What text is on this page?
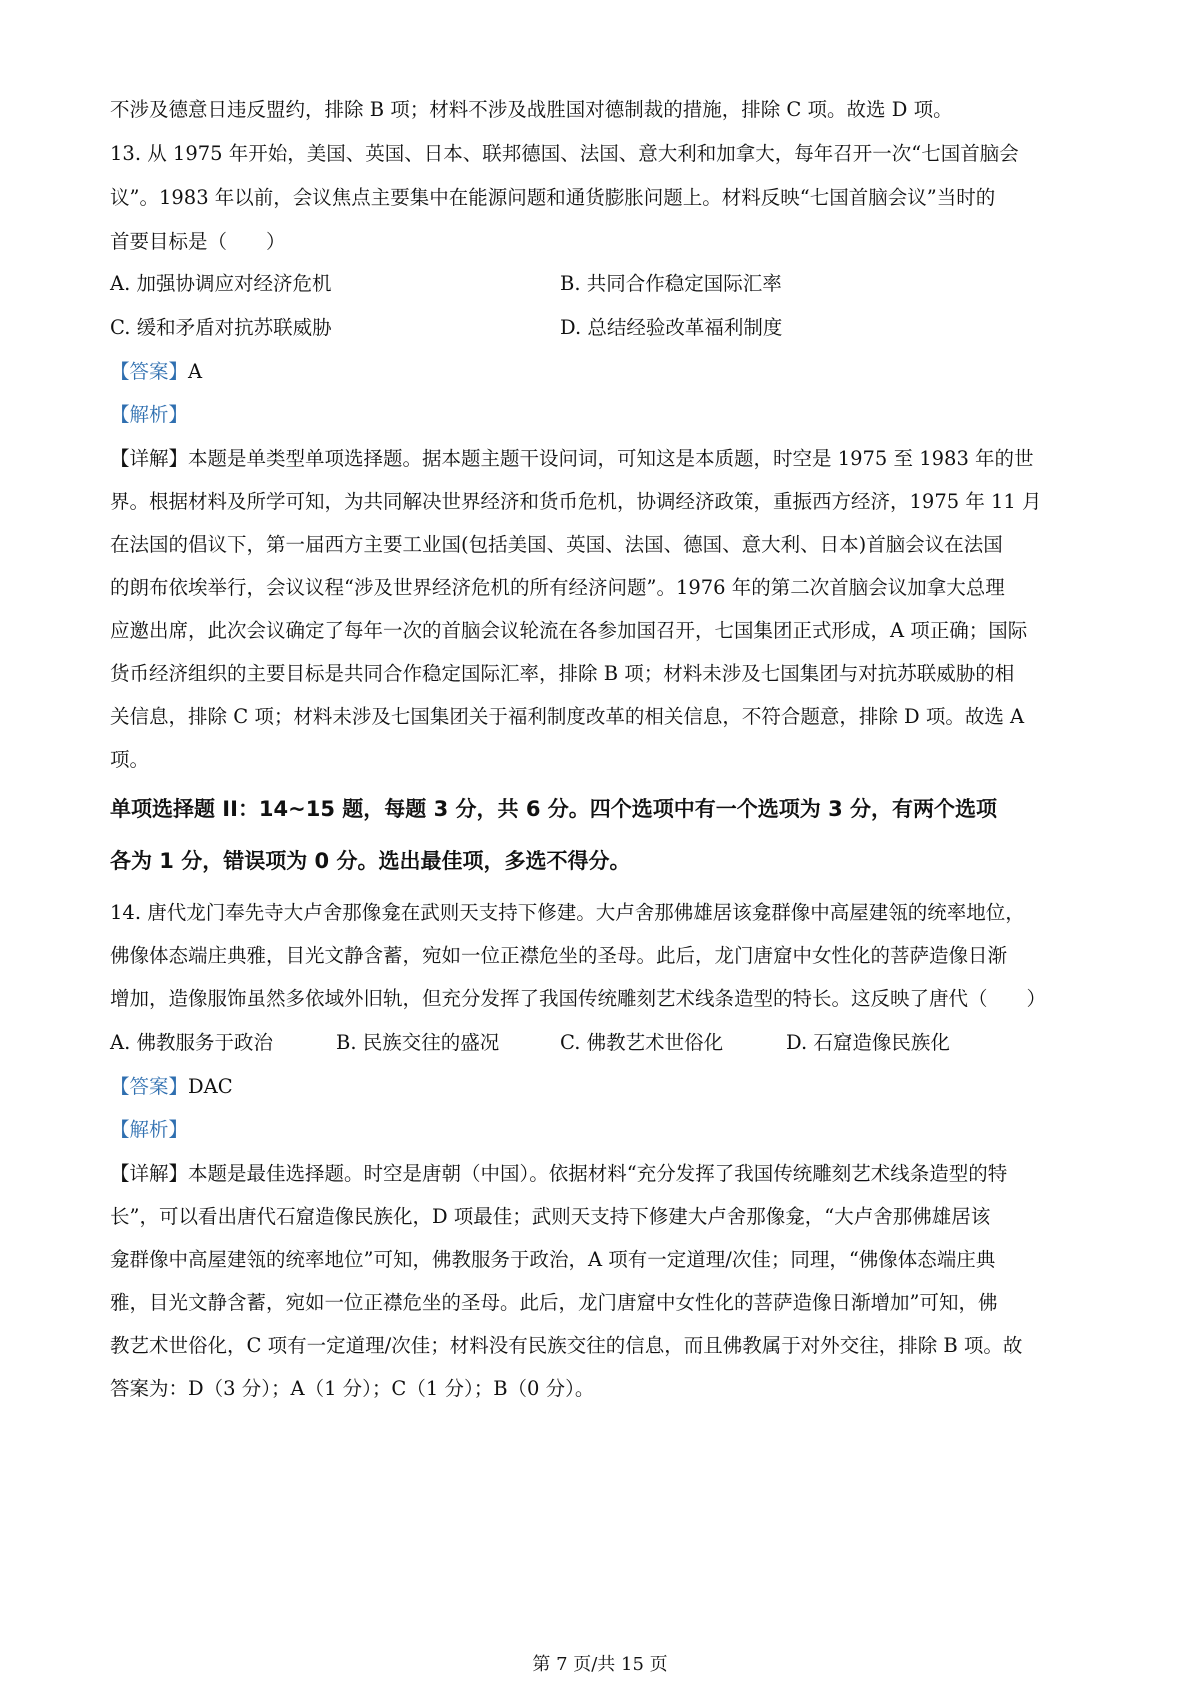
不涉及德意日违反盟约，排除 B 项；材料不涉及战胜国对德制裁的措施，排除 C 项。故选 D 项。
13. 从 1975 年开始，美国、英国、日本、联邦德国、法国、意大利和加拿大，每年召开一次“七国首脑会
议”。1983 年以前，会议焦点主要集中在能源问题和通货膨胀问题上。材料反映“七国首脑会议”当时的
首要目标是（　　）
A. 加强协调应对经济危机	B. 共同合作稳定国际汇率
C. 缓和矛盾对抗苏联威胁	D. 总结经验改革福利制度
【答案】A
【解析】
【详解】本题是单类型单项选择题。据本题主题干设问词，可知这是本质题，时空是 1975 至 1983 年的世
界。根据材料及所学可知，为共同解决世界经济和货币危机，协调经济政策，重振西方经济，1975 年 11 月
在法国的倡议下，第一届西方主要工业国(包括美国、英国、法国、德国、意大利、日本)首脑会议在法国
的朗布依埃举行，会议议程“涉及世界经济危机的所有经济问题”。1976 年的第二次首脑会议加拿大总理
应邀出席，此次会议确定了每年一次的首脑会议轮流在各参加国召开，七国集团正式形成，A 项正确；国际
货币经济组织的主要目标是共同合作稳定国际汇率，排除 B 项；材料未涉及七国集团与对抗苏联威胁的相
关信息，排除 C 项；材料未涉及七国集团关于福利制度改革的相关信息，不符合题意，排除 D 项。故选 A
项。
单项选择题 II：14~15 题，每题 3 分，共 6 分。四个选项中有一个选项为 3 分，有两个选项
各为 1 分，错误项为 0 分。选出最佳项，多选不得分。
14. 唐代龙门奉先寺大卢舍那像龛在武则天支持下修建。大卢舍那佛雄居该龛群像中高屋建瓴的统率地位，
佛像体态端庄典雅，目光文静含蓄，宛如一位正襟危坐的圣母。此后，龙门唐窟中女性化的菩萨造像日渐
增加，造像服饰虽然多依域外旧轨，但充分发挥了我国传统雕刻艺术线条造型的特长。这反映了唐代（　　）
A. 佛教服务于政治	B. 民族交往的盛况	C. 佛教艺术世俗化	D. 石窟造像民族化
【答案】DAC
【解析】
【详解】本题是最佳选择题。时空是唐朝（中国）。依据材料“充分发挥了我国传统雕刻艺术线条造型的特
长”，可以看出唐代石窟造像民族化，D 项最佳；武则天支持下修建大卢舍那像龛，“大卢舍那佛雄居该
龛群像中高屋建瓴的统率地位”可知，佛教服务于政治，A 项有一定道理/次佳；同理，“佛像体态端庄典
雅，目光文静含蓄，宛如一位正襟危坐的圣母。此后，龙门唐窟中女性化的菩萨造像日渐增加”可知，佛
教艺术世俗化，C 项有一定道理/次佳；材料没有民族交往的信息，而且佛教属于对外交往，排除 B 项。故
答案为：D（3 分）；A（1 分）；C（1 分）；B（0 分）。
第 7 页/共 15 页
